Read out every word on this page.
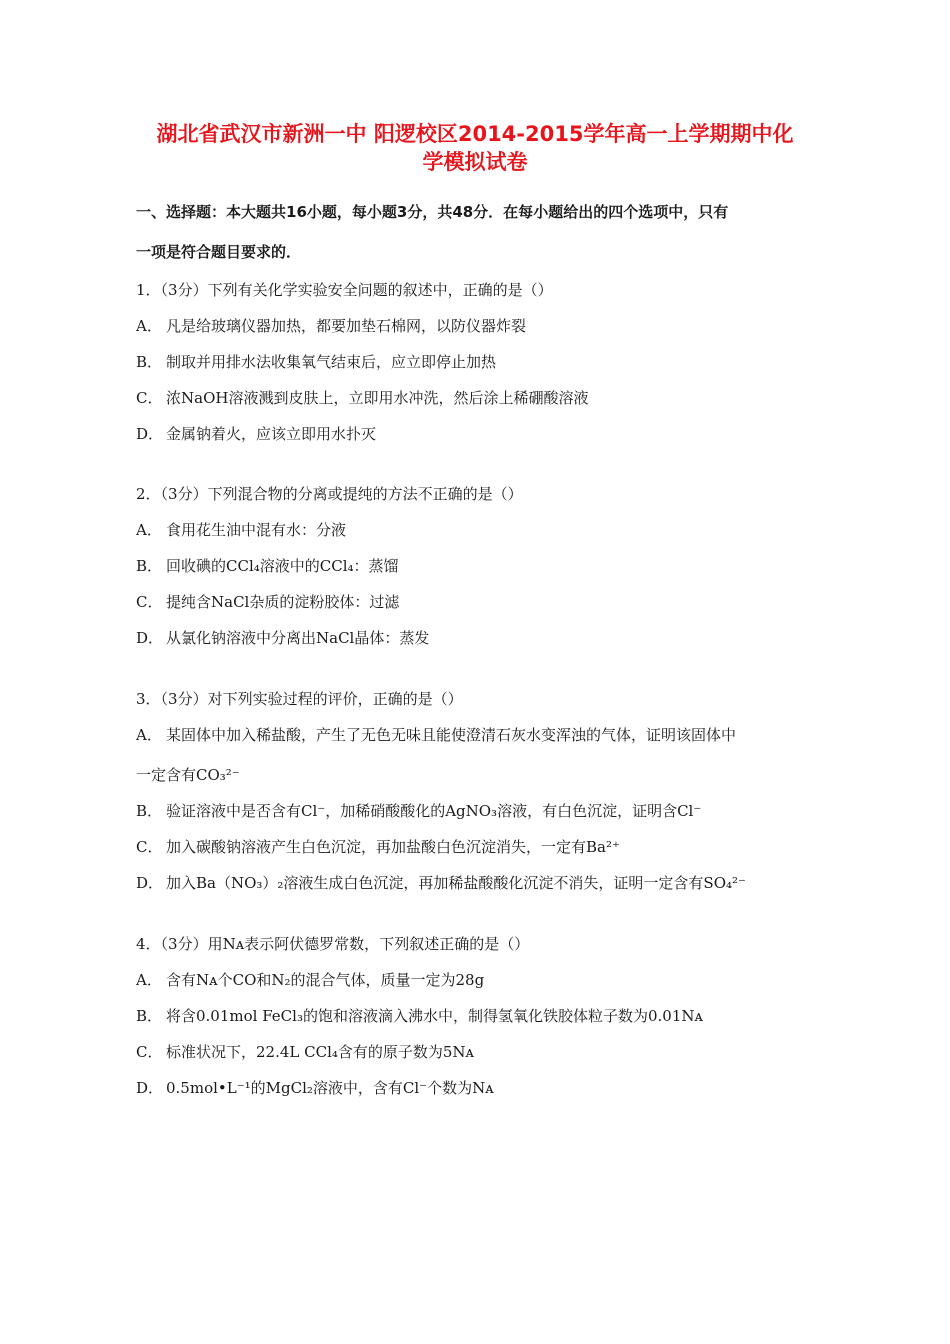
湖北省武汉市新洲一中 阳逻校区2014-2015学年高一上学期期中化
学模拟试卷
一、选择题：本大题共16小题，每小题3分，共48分．在每小题给出的四个选项中，只有
一项是符合题目要求的．
1．（3分）下列有关化学实验安全问题的叙述中，正确的是（）
A． 凡是给玻璃仪器加热，都要加垫石棉网，以防仪器炸裂
B． 制取并用排水法收集氧气结束后，应立即停止加热
C． 浓NaOH溶液溅到皮肤上，立即用水冲洗，然后涂上稀硼酸溶液
D． 金属钠着火，应该立即用水扑灭
2．（3分）下列混合物的分离或提纯的方法不正确的是（）
A． 食用花生油中混有水：分液
B． 回收碘的CCl₄溶液中的CCl₄：蒸馏
C． 提纯含NaCl杂质的淀粉胶体：过滤
D． 从氯化钠溶液中分离出NaCl晶体：蒸发
3．（3分）对下列实验过程的评价，正确的是（）
A． 某固体中加入稀盐酸，产生了无色无味且能使澄清石灰水变浑浊的气体，证明该固体中
一定含有CO₃²⁻
B． 验证溶液中是否含有Cl⁻，加稀硝酸酸化的AgNO₃溶液，有白色沉淀，证明含Cl⁻
C． 加入碳酸钠溶液产生白色沉淀，再加盐酸白色沉淀消失，一定有Ba²⁺
D． 加入Ba（NO₃）₂溶液生成白色沉淀，再加稀盐酸酸化沉淀不消失，证明一定含有SO₄²⁻
4．（3分）用Nᴀ表示阿伏德罗常数，下列叙述正确的是（）
A． 含有Nᴀ个CO和N₂的混合气体，质量一定为28g
B． 将含0.01mol FeCl₃的饱和溶液滴入沸水中，制得氢氧化铁胶体粒子数为0.01Nᴀ
C． 标准状况下，22.4L CCl₄含有的原子数为5Nᴀ
D． 0.5mol•L⁻¹的MgCl₂溶液中，含有Cl⁻个数为Nᴀ
